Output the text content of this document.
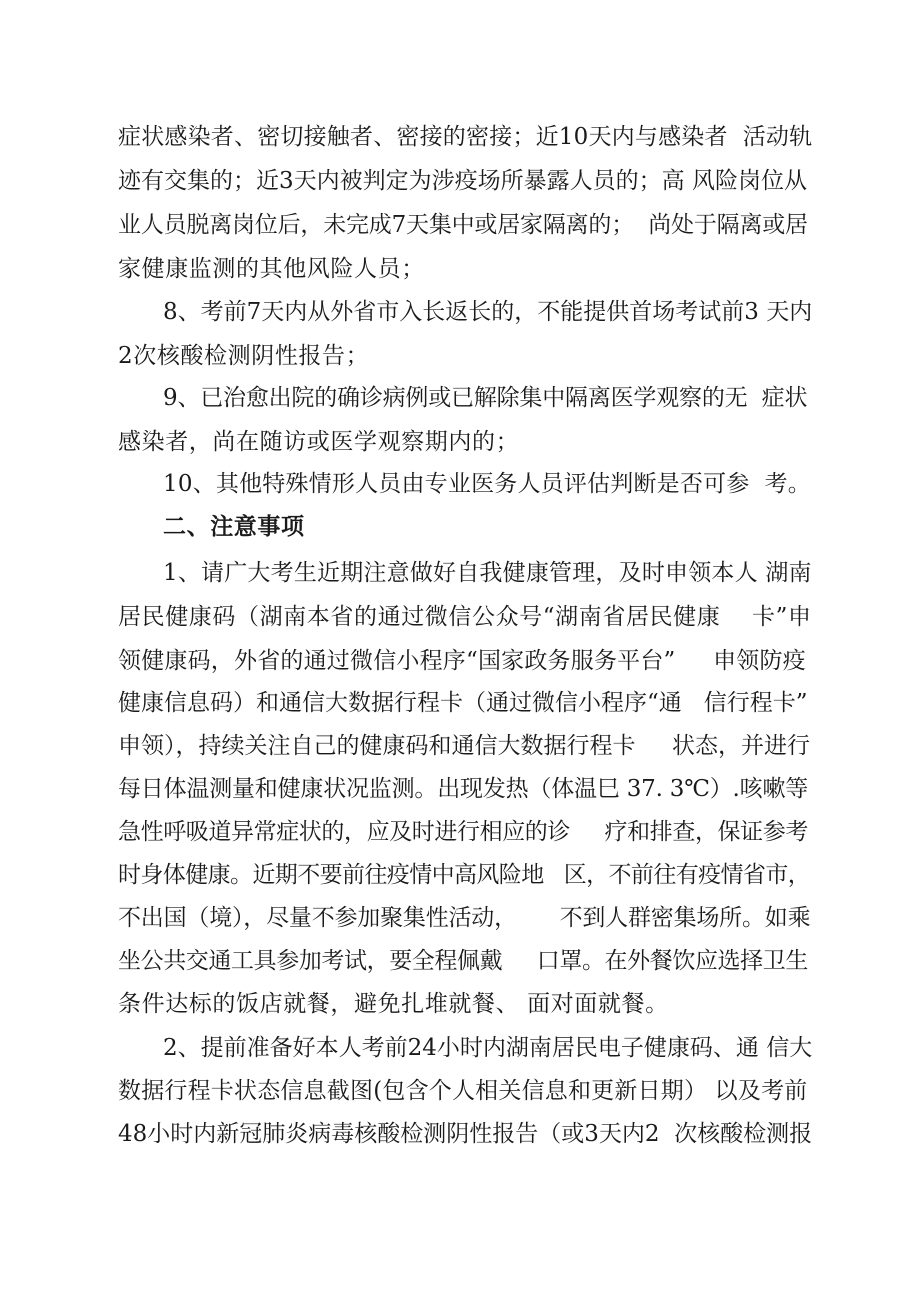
症状感染者、密切接触者、密接的密接；近10天内与感染者  活动轨
迹有交集的；近3天内被判定为涉疫场所暴露人员的；高 风险岗位从
业人员脱离岗位后，未完成7天集中或居家隔离的；  尚处于隔离或居
家健康监测的其他风险人员；
8、考前7天内从外省市入长返长的，不能提供首场考试前3 天内
2次核酸检测阴性报告；
9、已治愈出院的确诊病例或已解除集中隔离医学观察的无  症状
感染者，尚在随访或医学观察期内的；
10、其他特殊情形人员由专业医务人员评估判断是否可参  考。
二、注意事项
1、请广大考生近期注意做好自我健康管理，及时申领本人 湖南
居民健康码（湖南本省的通过微信公众号“湖南省居民健康    卡”申
领健康码，外省的通过微信小程序“国家政务服务平台”     申领防疫
健康信息码）和通信大数据行程卡（通过微信小程序“通   信行程卡”
申领），持续关注自己的健康码和通信大数据行程卡     状态，并进行
每日体温测量和健康状况监测。出现发热（体温巳 37. 3℃）.咳嗽等
急性呼吸道异常症状的，应及时进行相应的诊     疗和排查，保证参考
时身体健康。近期不要前往疫情中高风险地   区，不前往有疫情省市，
不出国（境），尽量不参加聚集性活动，      不到人群密集场所。如乘
坐公共交通工具参加考试，要全程佩戴     口罩。在外餐饮应选择卫生
条件达标的饭店就餐，避免扎堆就餐、 面对面就餐。
2、提前准备好本人考前24小时内湖南居民电子健康码、通 信大
数据行程卡状态信息截图(包含个人相关信息和更新日期） 以及考前
48小时内新冠肺炎病毒核酸检测阴性报告（或3天内2  次核酸检测报
